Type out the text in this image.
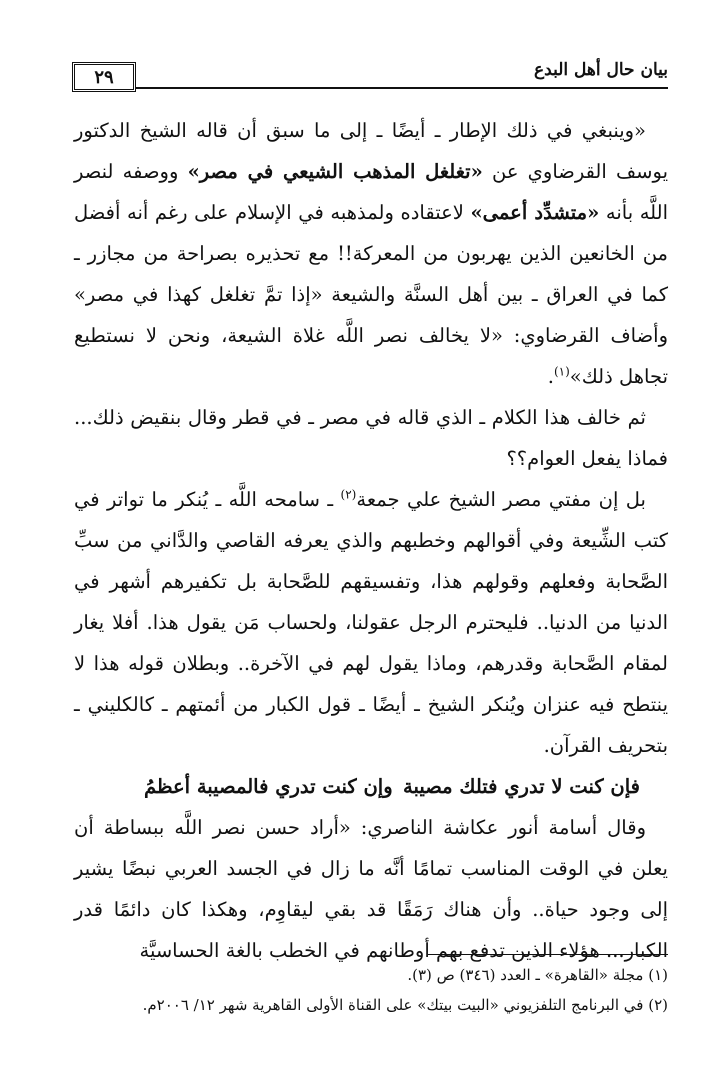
بيان حال أهل البدع
٢٩

«وينبغي في ذلك الإطار ـ أيضًا ـ إلى ما سبق أن قاله الشيخ الدكتور يوسف القرضاوي عن «تغلغل المذهب الشيعي في مصر» ووصفه لنصر اللَّه بأنه «متشدِّد أعمى» لاعتقاده ولمذهبه في الإسلام على رغم أنه أفضل من الخانعين الذين يهربون من المعركة!! مع تحذيره بصراحة من مجازر ـ كما في العراق ـ بين أهل السنَّة والشيعة «إذا تمَّ تغلغل كهذا في مصر» وأضاف القرضاوي: «لا يخالف نصر اللَّه غلاة الشيعة، ونحن لا نستطيع تجاهل ذلك»$^{(١)}$.

ثم خالف هذا الكلام ـ الذي قاله في مصر ـ في قطر وقال بنقيض ذلك... فماذا يفعل العوام؟؟

بل إن مفتي مصر الشيخ علي جمعة$^{(٢)}$ ـ سامحه اللَّه ـ يُنكر ما تواتر في كتب الشِّيعة وفي أقوالهم وخطبهم والذي يعرفه القاصي والدَّاني من سبِّ الصَّحابة وفعلهم وقولهم هذا، وتفسيقهم للصَّحابة بل تكفيرهم أشهر في الدنيا من الدنيا.. فليحترم الرجل عقولنا، ولحساب مَن يقول هذا. أفلا يغار لمقام الصَّحابة وقدرهم، وماذا يقول لهم في الآخرة.. وبطلان قوله هذا لا ينتطح فيه عنزان ويُنكر الشيخ ـ أيضًا ـ قول الكبار من أئمتهم ـ كالكليني ـ بتحريف القرآن.

فإن كنت لا تدري فتلك مصيبة
وإن كنت تدري فالمصيبة أعظمُ

وقال أسامة أنور عكاشة الناصري: «أراد حسن نصر اللَّه ببساطة أن يعلن في الوقت المناسب تمامًا أنَّه ما زال في الجسد العربي نبضًا يشير إلى وجود حياة.. وأن هناك رَمَقًا قد بقي ليقاوِم، وهكذا كان دائمًا قدر الكبار... هؤلاء الذين تدفع بهم أوطانهم في الخطب بالغة الحساسيَّة

(١) مجلة «القاهرة» ـ العدد (٣٤٦) ص (٣).
(٢) في البرنامج التلفزيوني «البيت بيتك» على القناة الأولى القاهرية شهر ١٢/ ٢٠٠٦م.
